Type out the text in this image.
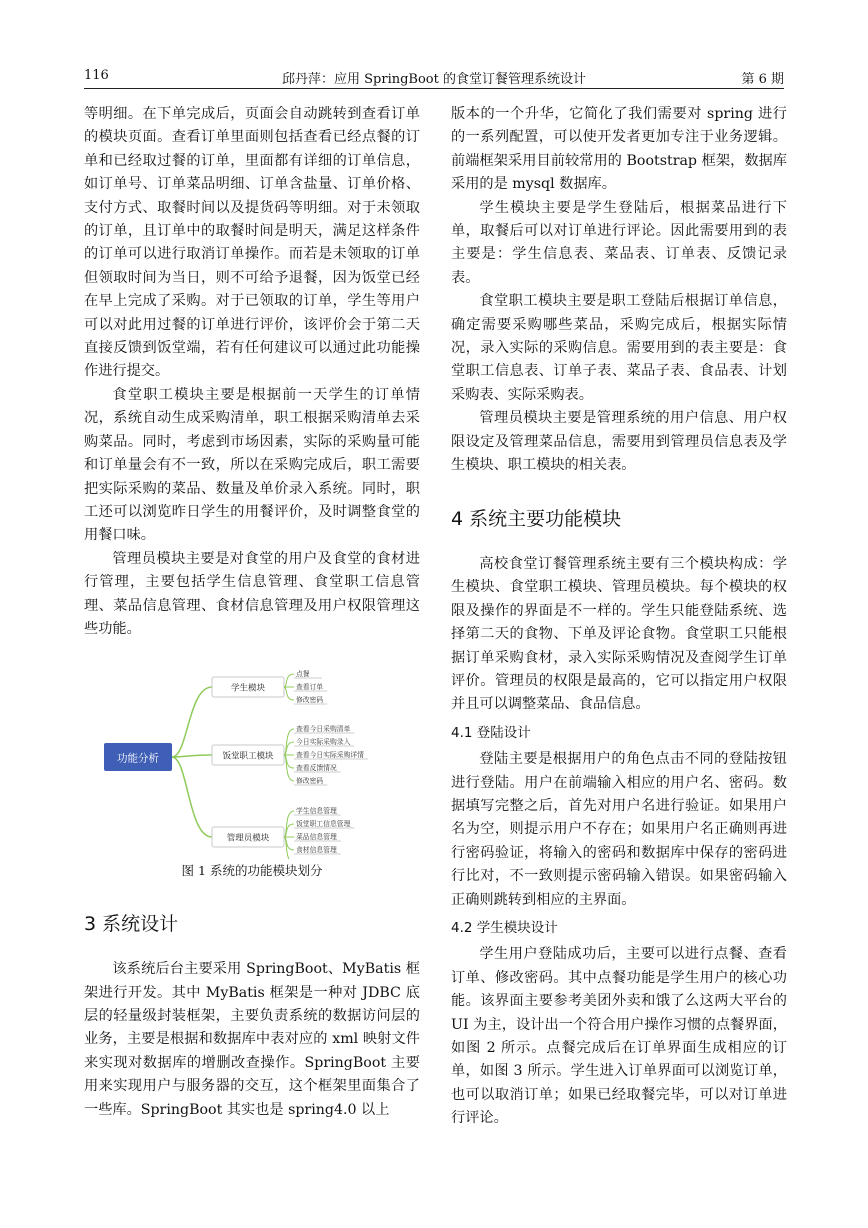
116	邱丹萍：应用 SpringBoot 的食堂订餐管理系统设计	第 6 期

等明细。在下单完成后，页面会自动跳转到查看订单的模块页面。查看订单里面则包括查看已经点餐的订单和已经取过餐的订单，里面都有详细的订单信息，如订单号、订单菜品明细、订单含盐量、订单价格、支付方式、取餐时间以及提货码等明细。对于未领取的订单，且订单中的取餐时间是明天，满足这样条件的订单可以进行取消订单操作。而若是未领取的订单但领取时间为当日，则不可给予退餐，因为饭堂已经在早上完成了采购。对于已领取的订单，学生等用户可以对此用过餐的订单进行评价，该评价会于第二天直接反馈到饭堂端，若有任何建议可以通过此功能操作进行提交。

食堂职工模块主要是根据前一天学生的订单情况，系统自动生成采购清单，职工根据采购清单去采购菜品。同时，考虑到市场因素，实际的采购量可能和订单量会有不一致，所以在采购完成后，职工需要把实际采购的菜品、数量及单价录入系统。同时，职工还可以浏览昨日学生的用餐评价，及时调整食堂的用餐口味。

管理员模块主要是对食堂的用户及食堂的食材进行管理，主要包括学生信息管理、食堂职工信息管理、菜品信息管理、食材信息管理及用户权限管理这些功能。

功能分析
学生模块
点餐
查看订单
修改密码
饭堂职工模块
查看今日采购清单
今日实际采购录入
查看今日实际采购详情
查看反馈情况
修改密码
管理员模块
学生信息管理
饭堂职工信息管理
菜品信息管理
食材信息管理

图 1 系统的功能模块划分

3 系统设计

该系统后台主要采用 SpringBoot、MyBatis 框架进行开发。其中 MyBatis 框架是一种对 JDBC 底层的轻量级封装框架，主要负责系统的数据访问层的业务，主要是根据和数据库中表对应的 xml 映射文件来实现对数据库的增删改查操作。SpringBoot 主要用来实现用户与服务器的交互，这个框架里面集合了一些库。SpringBoot 其实也是 spring4.0 以上

版本的一个升华，它简化了我们需要对 spring 进行的一系列配置，可以使开发者更加专注于业务逻辑。前端框架采用目前较常用的 Bootstrap 框架，数据库采用的是 mysql 数据库。

学生模块主要是学生登陆后，根据菜品进行下单，取餐后可以对订单进行评论。因此需要用到的表主要是：学生信息表、菜品表、订单表、反馈记录表。

食堂职工模块主要是职工登陆后根据订单信息，确定需要采购哪些菜品，采购完成后，根据实际情况，录入实际的采购信息。需要用到的表主要是：食堂职工信息表、订单子表、菜品子表、食品表、计划采购表、实际采购表。

管理员模块主要是管理系统的用户信息、用户权限设定及管理菜品信息，需要用到管理员信息表及学生模块、职工模块的相关表。

4 系统主要功能模块

高校食堂订餐管理系统主要有三个模块构成：学生模块、食堂职工模块、管理员模块。每个模块的权限及操作的界面是不一样的。学生只能登陆系统、选择第二天的食物、下单及评论食物。食堂职工只能根据订单采购食材，录入实际采购情况及查阅学生订单评价。管理员的权限是最高的，它可以指定用户权限并且可以调整菜品、食品信息。

4.1 登陆设计

登陆主要是根据用户的角色点击不同的登陆按钮进行登陆。用户在前端输入相应的用户名、密码。数据填写完整之后，首先对用户名进行验证。如果用户名为空，则提示用户不存在；如果用户名正确则再进行密码验证，将输入的密码和数据库中保存的密码进行比对，不一致则提示密码输入错误。如果密码输入正确则跳转到相应的主界面。

4.2 学生模块设计

学生用户登陆成功后，主要可以进行点餐、查看订单、修改密码。其中点餐功能是学生用户的核心功能。该界面主要参考美团外卖和饿了么这两大平台的 UI 为主，设计出一个符合用户操作习惯的点餐界面，如图 2 所示。点餐完成后在订单界面生成相应的订单，如图 3 所示。学生进入订单界面可以浏览订单，也可以取消订单；如果已经取餐完毕，可以对订单进行评论。
